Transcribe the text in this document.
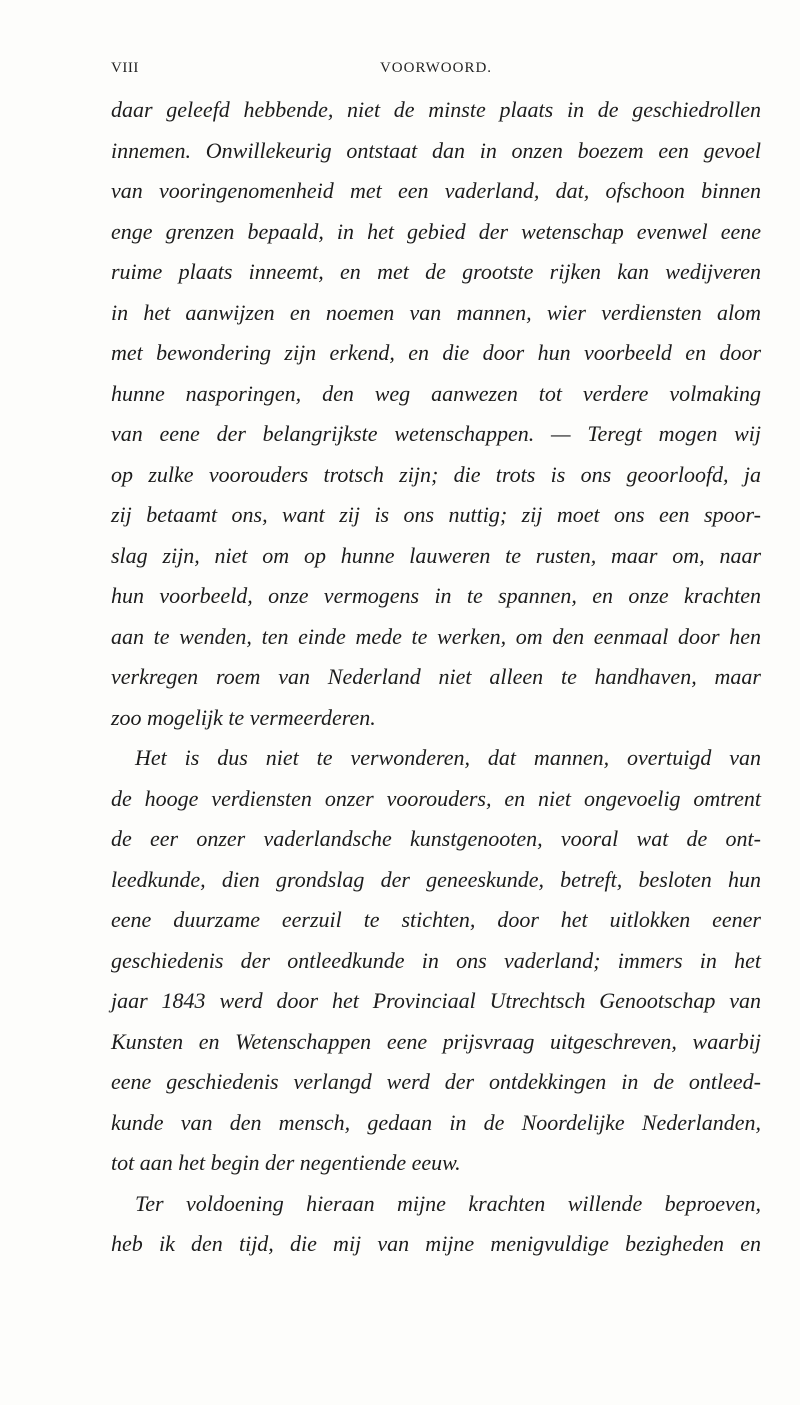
VIII	VOORWOORD.
daar geleefd hebbende, niet de minste plaats in de geschiedrollen
innemen. Onwillekeurig ontstaat dan in onzen boezem een gevoel
van vooringenomenheid met een vaderland, dat, ofschoon binnen
enge grenzen bepaald, in het gebied der wetenschap evenwel eene
ruime plaats inneemt, en met de grootste rijken kan wedijveren
in het aanwijzen en noemen van mannen, wier verdiensten alom
met bewondering zijn erkend, en die door hun voorbeeld en door
hunne nasporingen, den weg aanwezen tot verdere volmaking
van eene der belangrijkste wetenschappen. — Teregt mogen wij
op zulke voorouders trotsch zijn; die trots is ons geoorloofd, ja
zij betaamt ons, want zij is ons nuttig; zij moet ons een spoor-
slag zijn, niet om op hunne lauweren te rusten, maar om, naar
hun voorbeeld, onze vermogens in te spannen, en onze krachten
aan te wenden, ten einde mede te werken, om den eenmaal door hen
verkregen roem van Nederland niet alleen te handhaven, maar
zoo mogelijk te vermeerderen.
Het is dus niet te verwonderen, dat mannen, overtuigd van
de hooge verdiensten onzer voorouders, en niet ongevoelig omtrent
de eer onzer vaderlandsche kunstgenooten, vooral wat de ont-
leedkunde, dien grondslag der geneeskunde, betreft, besloten hun
eene duurzame eerzuil te stichten, door het uitlokken eener
geschiedenis der ontleedkunde in ons vaderland; immers in het
jaar 1843 werd door het Provinciaal Utrechtsch Genootschap van
Kunsten en Wetenschappen eene prijsvraag uitgeschreven, waarbij
eene geschiedenis verlangd werd der ontdekkingen in de ontleed-
kunde van den mensch, gedaan in de Noordelijke Nederlanden,
tot aan het begin der negentiende eeuw.
Ter voldoening hieraan mijne krachten willende beproeven,
heb ik den tijd, die mij van mijne menigvuldige bezigheden en
